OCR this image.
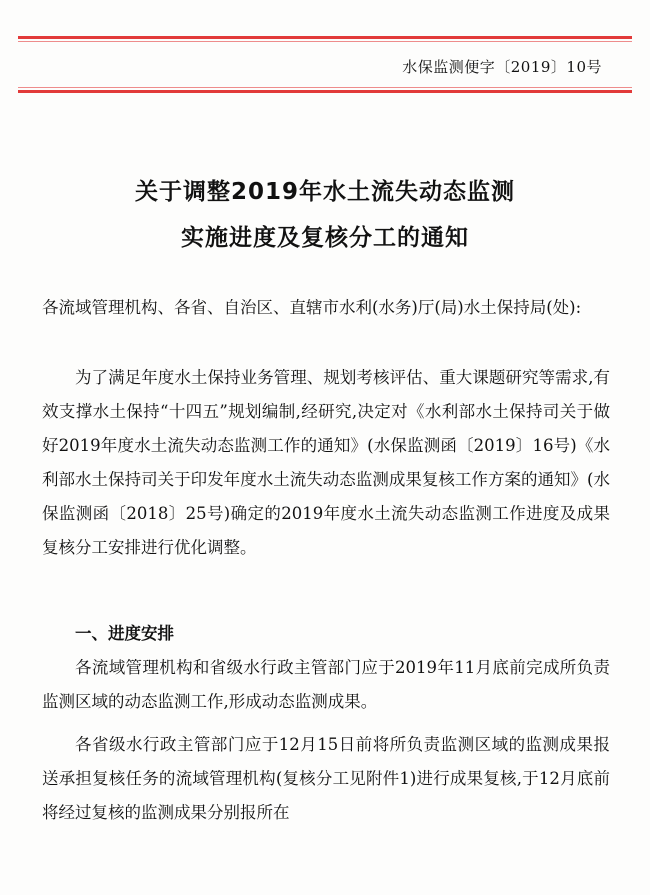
水保监测便字〔2019〕10号
关于调整2019年水土流失动态监测
实施进度及复核分工的通知
各流域管理机构、各省、自治区、直辖市水利(水务)厅(局)水土保持局(处):
为了满足年度水土保持业务管理、规划考核评估、重大课题研究等需求,有效支撑水土保持“十四五”规划编制,经研究,决定对《水利部水土保持司关于做好2019年度水土流失动态监测工作的通知》(水保监测函〔2019〕16号)《水利部水土保持司关于印发年度水土流失动态监测成果复核工作方案的通知》(水保监测函〔2018〕25号)确定的2019年度水土流失动态监测工作进度及成果复核分工安排进行优化调整。
一、进度安排
各流域管理机构和省级水行政主管部门应于2019年11月底前完成所负责监测区域的动态监测工作,形成动态监测成果。
各省级水行政主管部门应于12月15日前将所负责监测区域的监测成果报送承担复核任务的流域管理机构(复核分工见附件1)进行成果复核,于12月底前将经过复核的监测成果分别报所在
